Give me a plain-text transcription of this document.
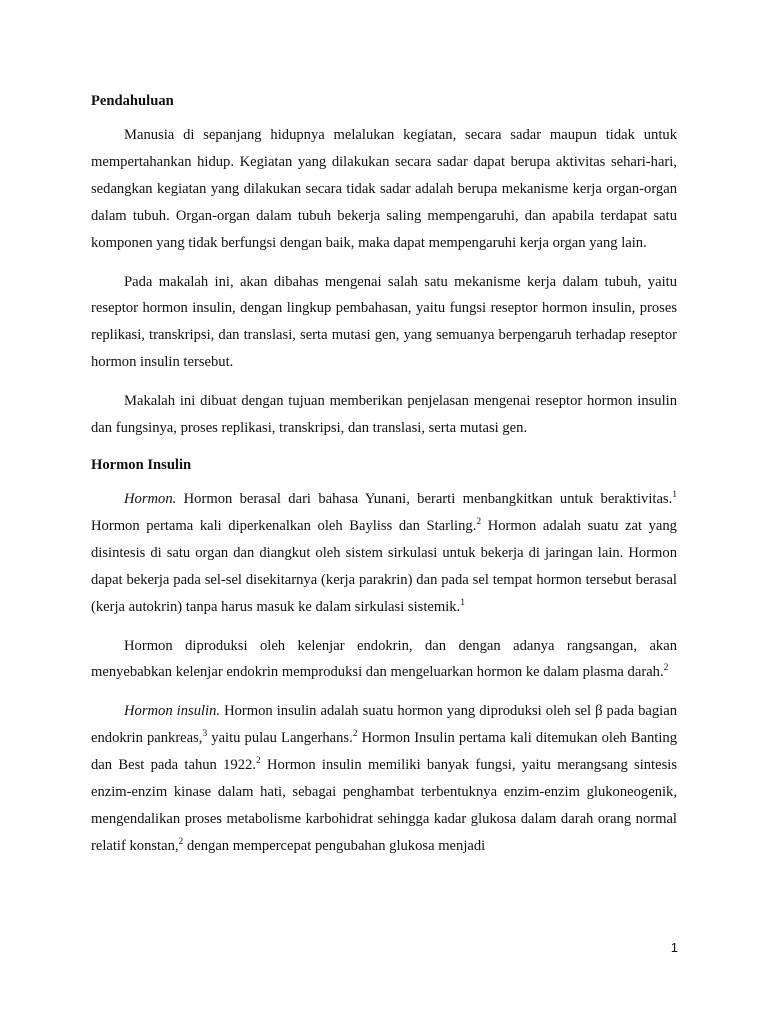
Pendahuluan

Manusia di sepanjang hidupnya melalukan kegiatan, secara sadar maupun tidak untuk mempertahankan hidup. Kegiatan yang dilakukan secara sadar dapat berupa aktivitas sehari-hari, sedangkan kegiatan yang dilakukan secara tidak sadar adalah berupa mekanisme kerja organ-organ dalam tubuh. Organ-organ dalam tubuh bekerja saling mempengaruhi, dan apabila terdapat satu komponen yang tidak berfungsi dengan baik, maka dapat mempengaruhi kerja organ yang lain.

Pada makalah ini, akan dibahas mengenai salah satu mekanisme kerja dalam tubuh, yaitu reseptor hormon insulin, dengan lingkup pembahasan, yaitu fungsi reseptor hormon insulin, proses replikasi, transkripsi, dan translasi, serta mutasi gen, yang semuanya berpengaruh terhadap reseptor hormon insulin tersebut.

Makalah ini dibuat dengan tujuan memberikan penjelasan mengenai reseptor hormon insulin dan fungsinya, proses replikasi, transkripsi, dan translasi, serta mutasi gen.

Hormon Insulin

Hormon. Hormon berasal dari bahasa Yunani, berarti menbangkitkan untuk beraktivitas.$^1$ Hormon pertama kali diperkenalkan oleh Bayliss dan Starling.$^2$ Hormon adalah suatu zat yang disintesis di satu organ dan diangkut oleh sistem sirkulasi untuk bekerja di jaringan lain. Hormon dapat bekerja pada sel-sel disekitarnya (kerja parakrin) dan pada sel tempat hormon tersebut berasal (kerja autokrin) tanpa harus masuk ke dalam sirkulasi sistemik.$^1$

Hormon diproduksi oleh kelenjar endokrin, dan dengan adanya rangsangan, akan menyebabkan kelenjar endokrin memproduksi dan mengeluarkan hormon ke dalam plasma darah.$^2$

Hormon insulin. Hormon insulin adalah suatu hormon yang diproduksi oleh sel β pada bagian endokrin pankreas,$^3$ yaitu pulau Langerhans.$^2$ Hormon Insulin pertama kali ditemukan oleh Banting dan Best pada tahun 1922.$^2$ Hormon insulin memiliki banyak fungsi, yaitu merangsang sintesis enzim-enzim kinase dalam hati, sebagai penghambat terbentuknya enzim-enzim glukoneogenik, mengendalikan proses metabolisme karbohidrat sehingga kadar glukosa dalam darah orang normal relatif konstan,$^2$ dengan mempercepat pengubahan glukosa menjadi

1
